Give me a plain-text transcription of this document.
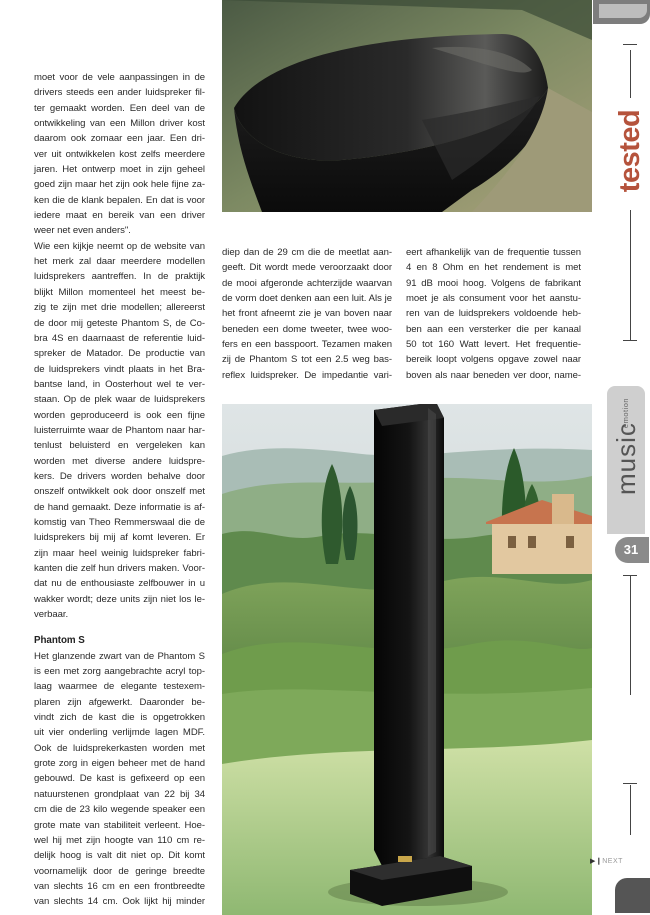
moet voor de vele aanpassingen in de
drivers steeds een ander luidspreker fil-
ter gemaakt worden. Een deel van de
ontwikkeling van een Millon driver kost
daarom ook zomaar een jaar. Een dri-
ver uit ontwikkelen kost zelfs meerdere
jaren. Het ontwerp moet in zijn geheel
goed zijn maar het zijn ook hele fijne za-
ken die de klank bepalen. En dat is voor
iedere maat en bereik van een driver
weer net even anders".
Wie een kijkje neemt op de website van
het merk zal daar meerdere modellen
luidsprekers aantreffen. In de praktijk
blijkt Millon momenteel het meest be-
zig te zijn met drie modellen; allereerst
de door mij geteste Phantom S, de Co-
bra 4S en daarnaast de referentie luid-
spreker de Matador. De productie van
de luidsprekers vindt plaats in het Bra-
bantse land, in Oosterhout wel te ver-
staan. Op de plek waar de luidsprekers
worden geproduceerd is ook een fijne
luisterruimte waar de Phantom naar har-
tenlust beluisterd en vergeleken kan
worden met diverse andere luidspre-
kers. De drivers worden behalve door
onszelf ontwikkelt ook door onszelf met
de hand gemaakt. Deze informatie is af-
komstig van Theo Remmerswaal die de
luidsprekers bij mij af komt leveren. Er
zijn maar heel weinig luidspreker fabri-
kanten die zelf hun drivers maken. Voor-
dat nu de enthousiaste zelfbouwer in u
wakker wordt; deze units zijn niet los le-
verbaar.
Phantom S
Het glanzende zwart van de Phantom S
is een met zorg aangebrachte acryl top-
laag waarmee de elegante testexem-
plaren zijn afgewerkt. Daaronder be-
vindt zich de kast die is opgetrokken
uit vier onderling verlijmde lagen MDF.
Ook de luidsprekerkasten worden met
grote zorg in eigen beheer met de hand
gebouwd. De kast is gefixeerd op een
natuurstenen grondplaat van 22 bij 34
cm die de 23 kilo wegende speaker een
grote mate van stabiliteit verleent. Hoe-
wel hij met zijn hoogte van 110 cm re-
delijk hoog is valt dit niet op. Dit komt
voornamelijk door de geringe breedte
van slechts 16 cm en een frontbreedte
van slechts 14 cm. Ook lijkt hij minder
diep dan de 29 cm die de meetlat aan-
geeft. Dit wordt mede veroorzaakt door
de mooi afgeronde achterzijde waarvan
de vorm doet denken aan een luit. Als je
het front afneemt zie je van boven naar
beneden een dome tweeter, twee woo-
fers en een basspoort. Tezamen maken
zij de Phantom S tot een 2.5 weg bas-
reflex luidspreker. De impedantie vari-
eert afhankelijk van de frequentie tussen
4 en 8 Ohm en het rendement is met
91 dB mooi hoog. Volgens de fabrikant
moet je als consument voor het aanstu-
ren van de luidsprekers voldoende heb-
ben aan een versterker die per kanaal
50 tot 160 Watt levert. Het frequentie-
bereik loopt volgens opgave zowel naar
boven als naar beneden ver door, name-
tested
music
emotion
31
▶❙NEXT
